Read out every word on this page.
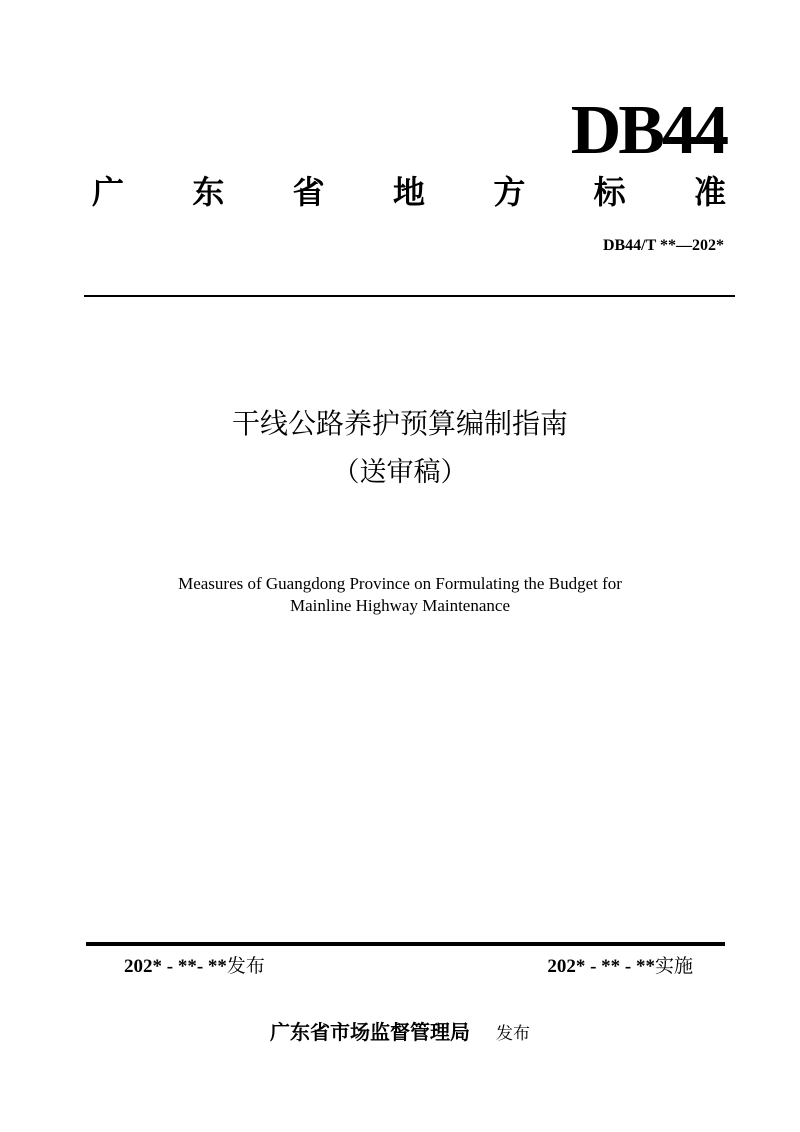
DB44
广 东 省 地 方 标 准
DB44/T **—202*
干线公路养护预算编制指南
（送审稿）
Measures of Guangdong Province on Formulating the Budget for
Mainline Highway Maintenance
202* - **- **发布	202* - ** - **实施
广东省市场监督管理局 发布
